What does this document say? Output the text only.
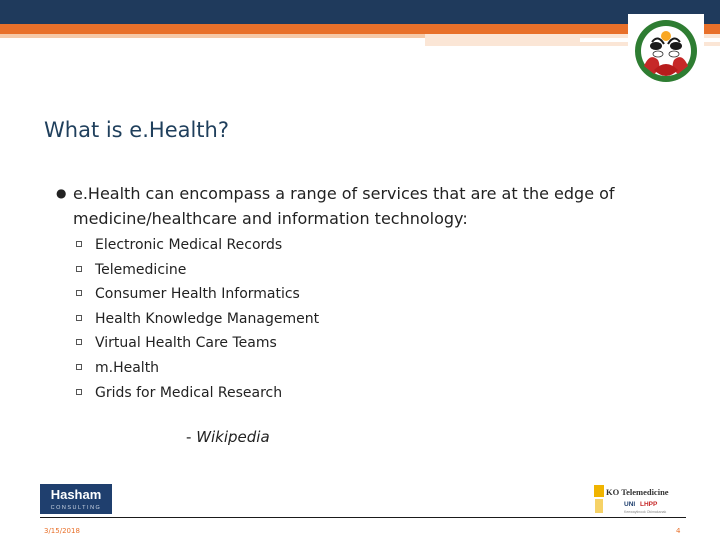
What is e.Health?
● e.Health can encompass a range of services that are at the edge of medicine/healthcare and information technology:
Electronic Medical Records
Telemedicine
Consumer Health Informatics
Health Knowledge Management
Virtual Health Care Teams
m.Health
Grids for Medical Research
- Wikipedia
Hasham
CONSULTING
KO Telemedicine
UNI LHPP
Keewaytinook Okimakanak
3/15/2018	4
